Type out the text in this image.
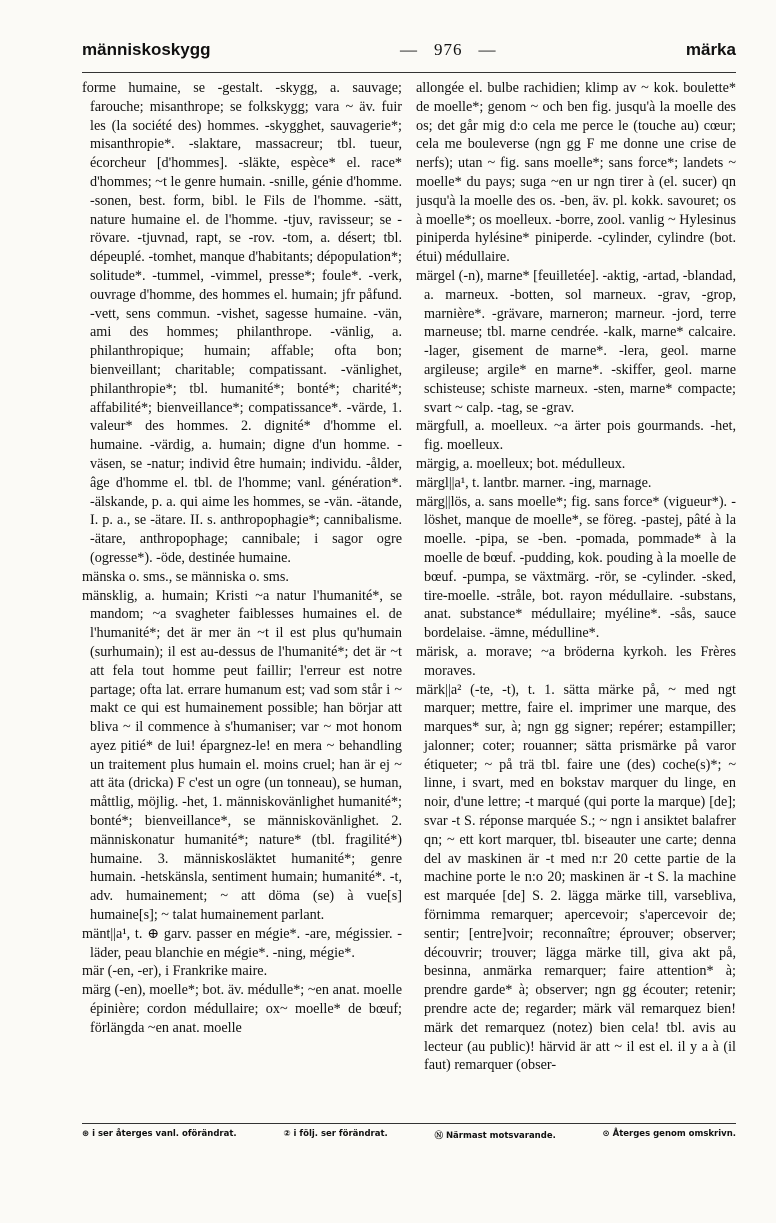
människoskygg	— 976 —	märka

forme humaine, se -gestalt. -skygg, a. sauvage; farouche; misanthrope; se folkskygg; vara ~ äv. fuir les (la société des) hommes. -skygghet, sauvagerie*; misanthropie*. -slaktare, massacreur; tbl. tueur, écorcheur [d'hommes]. -släkte, espèce* el. race* d'hommes; ~t le genre humain. -snille, génie d'homme. -sonen, best. form, bibl. le Fils de l'homme. -sätt, nature humaine el. de l'homme. -tjuv, ravisseur; se -rövare. -tjuvnad, rapt, se -rov. -tom, a. désert; tbl. dépeuplé. -tomhet, manque d'habitants; dépopulation*; solitude*. -tummel, -vimmel, presse*; foule*. -verk, ouvrage d'homme, des hommes el. humain; jfr påfund. -vett, sens commun. -vishet, sagesse humaine. -vän, ami des hommes; philanthrope. -vänlig, a. philanthropique; humain; affable; ofta bon; bienveillant; charitable; compatissant. -vänlighet, philanthropie*; tbl. humanité*; bonté*; charité*; affabilité*; bienveillance*; compatissance*. -värde, 1. valeur* des hommes. 2. dignité* d'homme el. humaine. -värdig, a. humain; digne d'un homme. -väsen, se -natur; individ être humain; individu. -ålder, âge d'homme el. tbl. de l'homme; vanl. génération*. -älskande, p. a. qui aime les hommes, se -vän. -ätande, I. p. a., se -ätare. II. s. anthropophagie*; cannibalisme. -ätare, anthropophage; cannibale; i sagor ogre (ogresse*). -öde, destinée humaine.

mänska o. sms., se människa o. sms.

mänsklig, a. humain; Kristi ~a natur l'humanité*, se mandom; ~a svagheter faiblesses humaines el. de l'humanité*; det är mer än ~t il est plus qu'humain (surhumain); il est au-dessus de l'humanité*; det är ~t att fela tout homme peut faillir; l'erreur est notre partage; ofta lat. errare humanum est; vad som står i ~ makt ce qui est humainement possible; han börjar att bliva ~ il commence à s'humaniser; var ~ mot honom ayez pitié* de lui! épargnez-le! en mera ~ behandling un traitement plus humain el. moins cruel; han är ej ~ att äta (dricka) F c'est un ogre (un tonneau), se human, måttlig, möjlig. -het, 1. människovänlighet humanité*; bonté*; bienveillance*, se människovänlighet. 2. människonatur humanité*; nature* (tbl. fragilité*) humaine. 3. människosläktet humanité*; genre humain. -hetskänsla, sentiment humain; humanité*. -t, adv. humainement; ~ att döma (se) à vue[s] humaine[s]; ~ talat humainement parlant.

mänt||a¹, t. ⊕ garv. passer en mégie*. -are, mégissier. -läder, peau blanchie en mégie*. -ning, mégie*.

mär (-en, -er), i Frankrike maire.

märg (-en), moelle*; bot. äv. médulle*; ~en anat. moelle épinière; cordon médullaire; ox~ moelle* de bœuf; förlängda ~en anat. moelle

allongée el. bulbe rachidien; klimp av ~ kok. boulette* de moelle*; genom ~ och ben fig. jusqu'à la moelle des os; det går mig d:o cela me perce le (touche au) cœur; cela me bouleverse (ngn gg F me donne une crise de nerfs); utan ~ fig. sans moelle*; sans force*; landets ~ moelle* du pays; suga ~en ur ngn tirer à (el. sucer) qn jusqu'à la moelle des os. -ben, äv. pl. kokk. savouret; os à moelle*; os moelleux. -borre, zool. vanlig ~ Hylesinus piniperda hylésine* piniperde. -cylinder, cylindre (bot. étui) médullaire.

märgel (-n), marne* [feuilletée]. -aktig, -artad, -blandad, a. marneux. -botten, sol marneux. -grav, -grop, marnière*. -grävare, marneron; marneur. -jord, terre marneuse; tbl. marne cendrée. -kalk, marne* calcaire. -lager, gisement de marne*. -lera, geol. marne argileuse; argile* en marne*. -skiffer, geol. marne schisteuse; schiste marneux. -sten, marne* compacte; svart ~ calp. -tag, se -grav.

märgfull, a. moelleux. ~a ärter pois gourmands. -het, fig. moelleux.

märgig, a. moelleux; bot. médulleux.

märgl||a¹, t. lantbr. marner. -ing, marnage.

märg||lös, a. sans moelle*; fig. sans force* (vigueur*). -löshet, manque de moelle*, se föreg. -pastej, pâté à la moelle. -pipa, se -ben. -pomada, pommade* à la moelle de bœuf. -pudding, kok. pouding à la moelle de bœuf. -pumpa, se växtmärg. -rör, se -cylinder. -sked, tire-moelle. -stråle, bot. rayon médullaire. -substans, anat. substance* médullaire; myéline*. -sås, sauce bordelaise. -ämne, médulline*.

märisk, a. morave; ~a bröderna kyrkoh. les Frères moraves.

märk||a² (-te, -t), t. 1. sätta märke på, ~ med ngt marquer; mettre, faire el. imprimer une marque, des marques* sur, à; ngn gg signer; repérer; estampiller; jalonner; coter; rouanner; sätta prismärke på varor étiqueter; ~ på trä tbl. faire une (des) coche(s)*; ~ linne, i svart, med en bokstav marquer du linge, en noir, d'une lettre; -t marqué (qui porte la marque) [de]; svar -t S. réponse marquée S.; ~ ngn i ansiktet balafrer qn; ~ ett kort marquer, tbl. biseauter une carte; denna del av maskinen är -t med n:r 20 cette partie de la machine porte le n:o 20; maskinen är -t S. la machine est marquée [de] S. 2. lägga märke till, varseblivа, förnimma remarquer; apercevoir; s'apercevoir de; sentir; [entre]voir; reconnaître; éprouver; observer; découvrir; trouver; lägga märke till, giva akt på, besinna, anmärka remarquer; faire attention* à; prendre garde* à; observer; ngn gg écouter; retenir; prendre acte de; regarder; märk väl remarquez bien! märk det remarquez (notez) bien cela! tbl. avis au lecteur (au public)! härvid är att ~ il est el. il y a à (il faut) remarquer (obser-

⊛ i ser återges vanl. oförändrat.	② i följ. ser förändrat.	Ⓝ Närmast motsvarande.	⊙ Återges genom omskrivn.
